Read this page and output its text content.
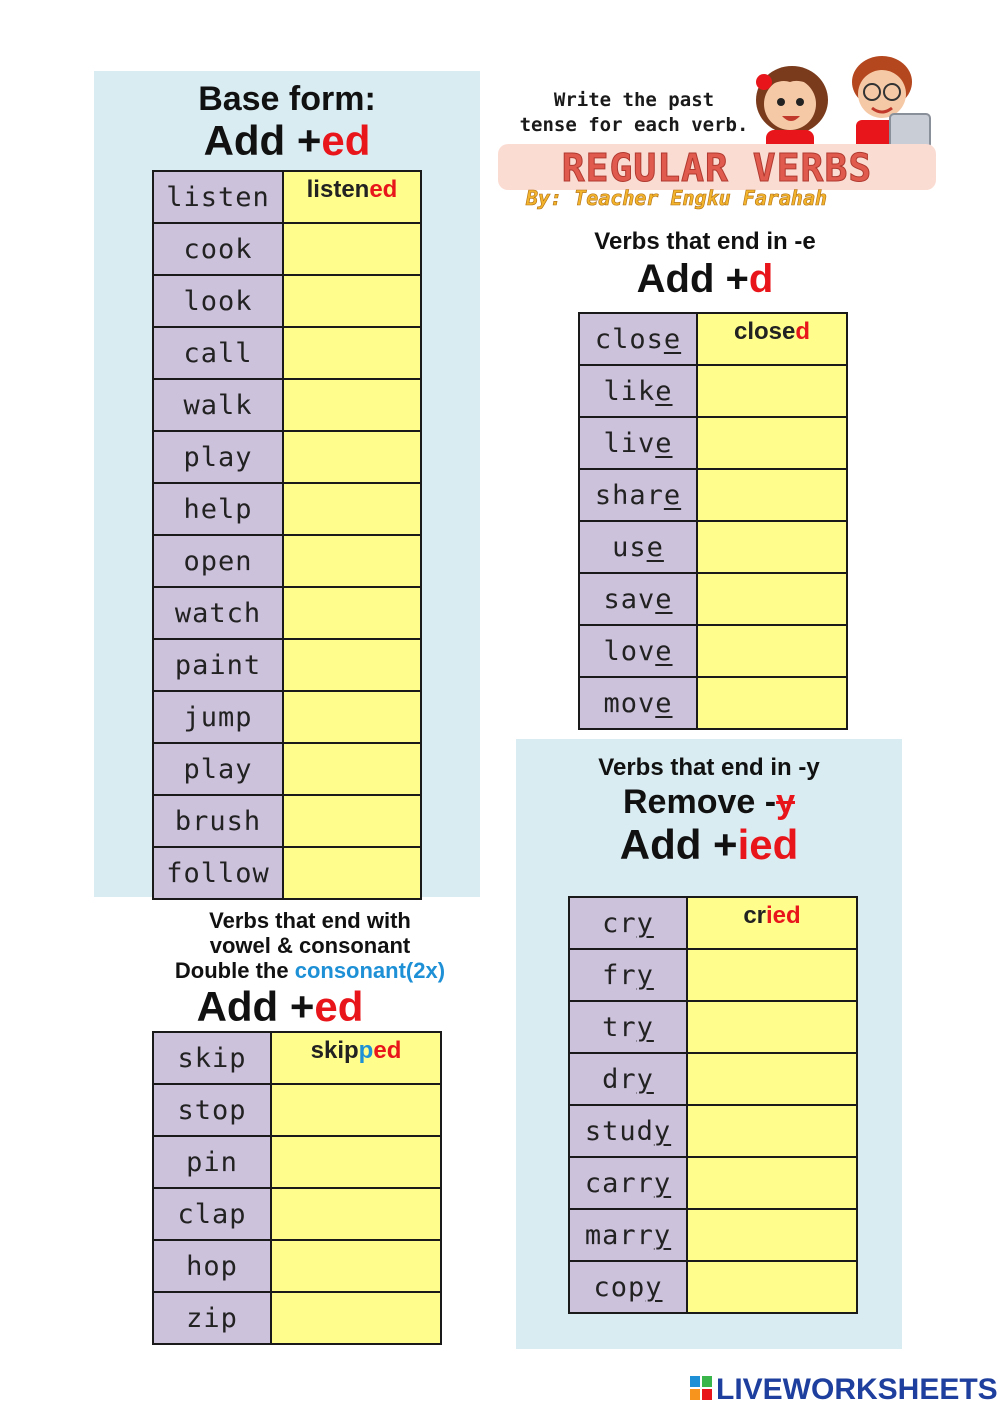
Base form:
Add +ed
listen	listened
cook	
look	
call	
walk	
play	
help	
open	
watch	
paint	
jump	
play	
brush	
follow	
Write the past
tense for each verb.
REGULAR VERBS
By: Teacher Engku Farahah
Verbs that end in -e
Add +d
close	closed
like	
live	
share	
use	
save	
love	
move	
Verbs that end in -y
Remove -y
Add +ied
cry	cried
fry	
try	
dry	
study	
carry	
marry	
copy	
Verbs that end with
vowel & consonant
Double the consonant(2x)
Add +ed
skip	skipped
stop	
pin	
clap	
hop	
zip	
LIVEWORKSHEETS
